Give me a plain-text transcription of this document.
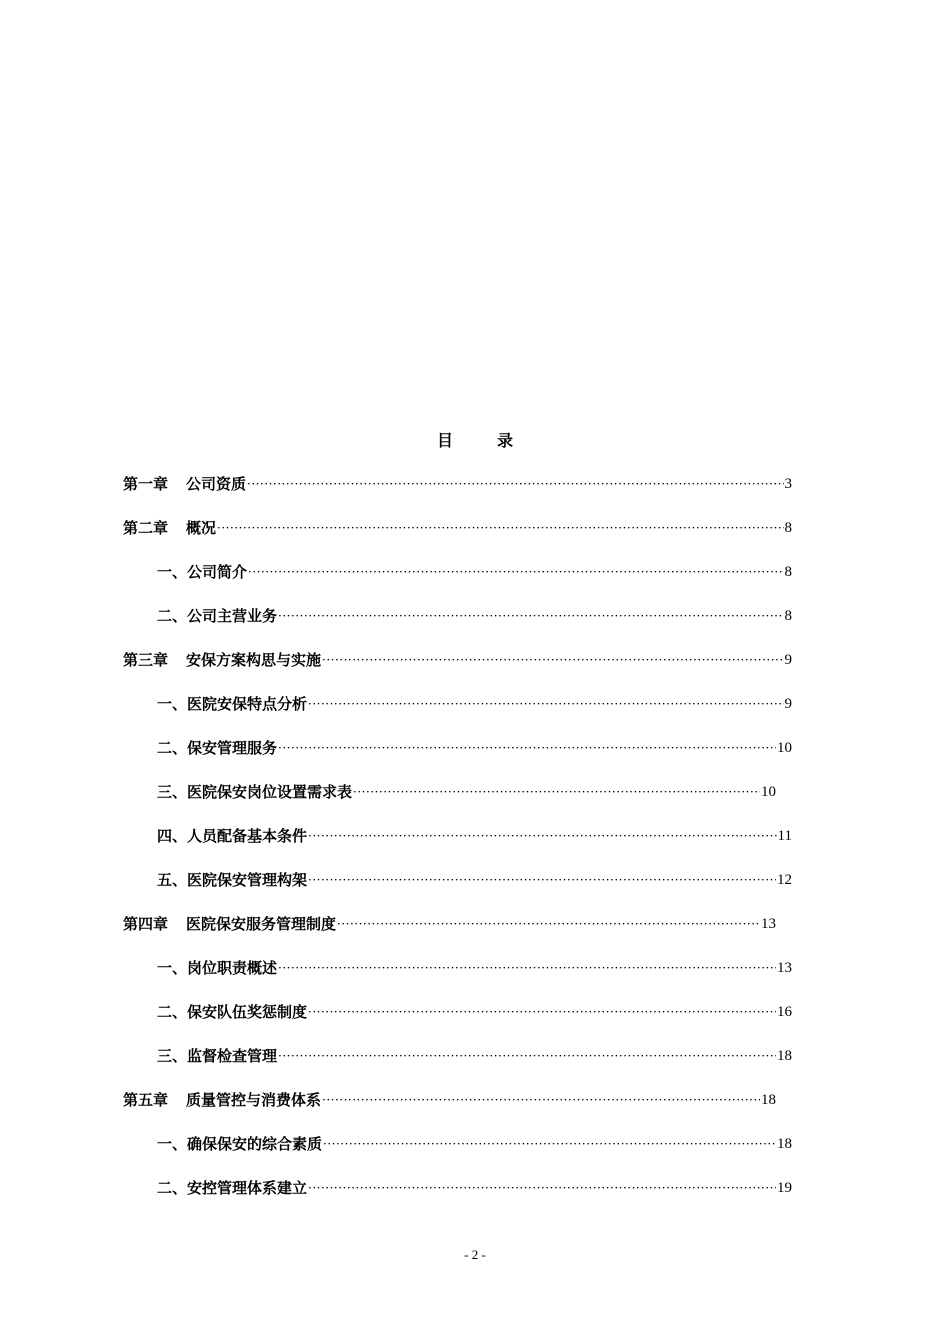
目	录
第一章 公司资质 ·····	3
第二章 概况 ·····	8
一、公司简介 ·····	8
二、公司主营业务 ·····	8
第三章 安保方案构思与实施 ·····	9
一、医院安保特点分析 ·····	9
二、保安管理服务 ·····	10
三、医院保安岗位设置需求表 ·····	10
四、人员配备基本条件 ·····	11
五、医院保安管理构架 ·····	12
第四章 医院保安服务管理制度 ·····	13
一、岗位职责概述 ·····	13
二、保安队伍奖惩制度 ·····	16
三、监督检查管理 ·····	18
第五章 质量管控与消费体系 ·····	18
一、确保保安的综合素质 ·····	18
二、安控管理体系建立 ·····	19
- 2 -
